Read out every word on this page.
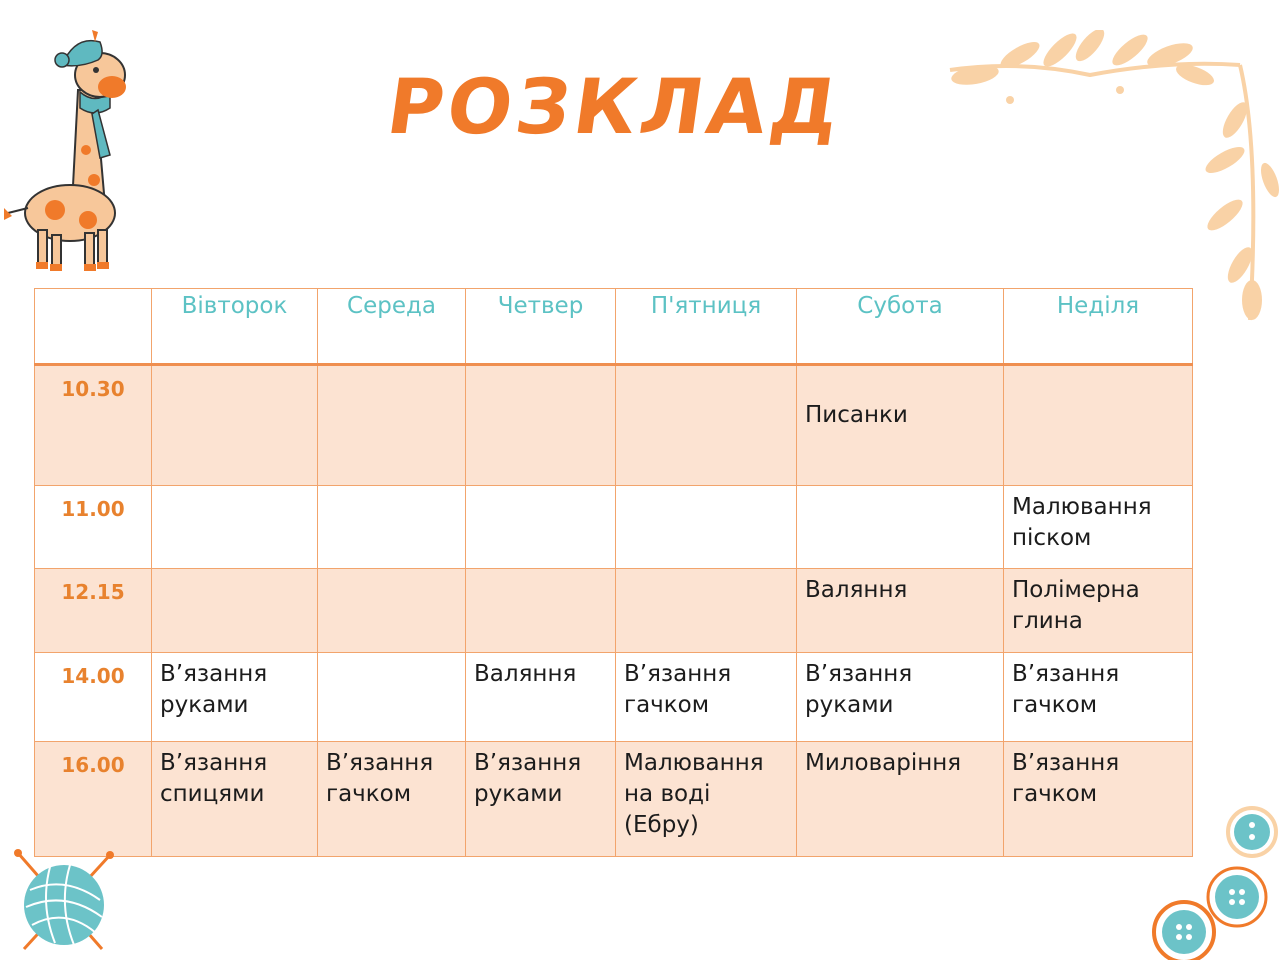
РОЗКЛАД
	Вівторок	Середа	Четвер	П'ятниця	Субота	Неділя
10.30					Писанки	
11.00						Малювання
піском
12.15					Валяння	Полімерна
глина
14.00	В’язання
руками		Валяння	В’язання
гачком	В’язання
руками	В’язання
гачком
16.00	В’язання
спицями	В’язання
гачком	В’язання
руками	Малювання
на воді
(Ебру)	Миловаріння	В’язання
гачком
